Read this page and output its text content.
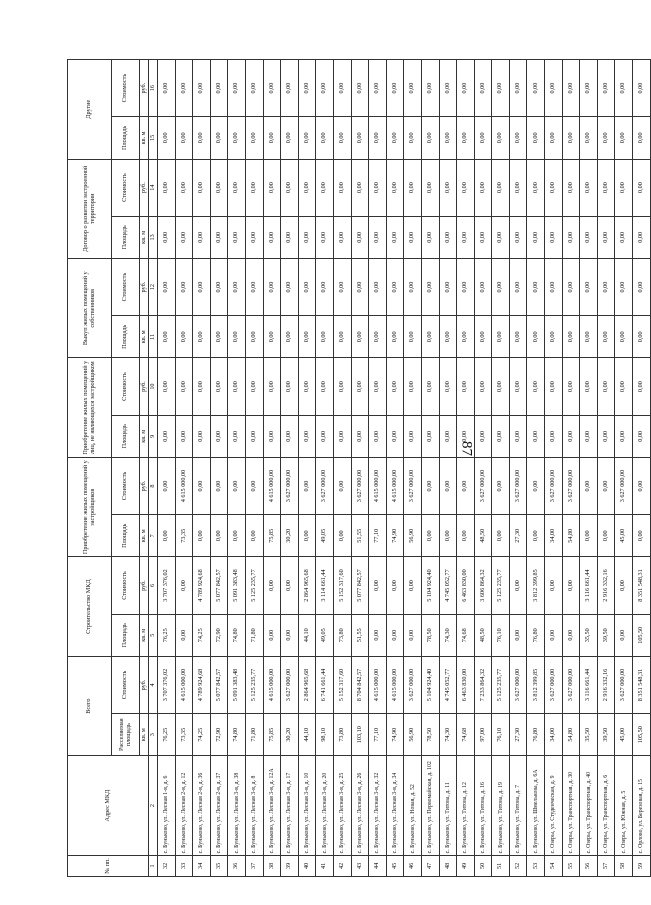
87
№ пп.	Адрес МКД	Всего		Строительство МКД		Приобретение жилых помещений у застройщиков		Приобретение жилых помещений у лиц, не являющихся застройщиком		Выкуп жилых помещений у собственников		Договор о развитии застроенной территории		Другие	
		Расселяемая площадь	Стоимость	Площадь	Стоимость	Площадь	Стоимость	Площадь	Стоимость	Площадь	Стоимость	Площадь	Стоимость	Площадь	Стоимость
		кв. м	руб.	кв. м	руб.	кв. м	руб.	кв. м	руб.	кв. м	руб.	кв. м	руб.	кв. м	руб.
1	2	3	4	5	6	7	8	9	10	11	12	13	14	15	16
32	с. Буньково, ул. Лесная 1-я, д. 6	76,25	3 707 376,02	76,25	3 707 376,02	0,00	0,00	0,00	0,00	0,00	0,00	0,00	0,00	0,00	0,00
33	с. Буньково, ул. Лесная 2-я, д. 12	73,35	4 615 000,00	0,00	0,00	73,35	4 615 000,00	0,00	0,00	0,00	0,00	0,00	0,00	0,00	0,00
34	с. Буньково, ул. Лесная 2-я, д. 36	74,25	4 789 924,68	74,25	4 789 924,68	0,00	0,00	0,00	0,00	0,00	0,00	0,00	0,00	0,00	0,00
35	с. Буньково, ул. Лесная 2-я, д. 37	72,90	5 077 842,57	72,90	5 077 842,57	0,00	0,00	0,00	0,00	0,00	0,00	0,00	0,00	0,00	0,00
36	с. Буньково, ул. Лесная 3-я, д. 38	74,80	5 091 383,48	74,80	5 091 383,48	0,00	0,00	0,00	0,00	0,00	0,00	0,00	0,00	0,00	0,00
37	с. Буньково, ул. Лесная 3-я, д. 8	71,80	5 125 235,77	71,80	5 125 235,77	0,00	0,00	0,00	0,00	0,00	0,00	0,00	0,00	0,00	0,00
38	с. Буньково, ул. Лесная 3-я, д. 12А	75,85	4 615 000,00	0,00	0,00	75,85	4 615 000,00	0,00	0,00	0,00	0,00	0,00	0,00	0,00	0,00
39	с. Буньково, ул. Лесная 3-я, д. 17	30,20	3 627 000,00	0,00	0,00	30,20	3 627 000,00	0,00	0,00	0,00	0,00	0,00	0,00	0,00	0,00
40	с. Буньково, ул. Лесная 3-я, д. 10	44,10	2 864 965,68	44,10	2 864 965,68	0,00	0,00	0,00	0,00	0,00	0,00	0,00	0,00	0,00	0,00
41	с. Буньково, ул. Лесная 3-я, д. 20	98,10	6 741 661,44	49,05	3 114 661,44	49,05	3 627 000,00	0,00	0,00	0,00	0,00	0,00	0,00	0,00	0,00
42	с. Буньково, ул. Лесная 3-я, д. 25	73,80	5 152 317,60	73,80	5 152 317,60	0,00	0,00	0,00	0,00	0,00	0,00	0,00	0,00	0,00	0,00
43	с. Буньково, ул. Лесная 3-я, д. 26	103,10	8 704 842,57	51,55	5 077 842,57	51,55	3 627 000,00	0,00	0,00	0,00	0,00	0,00	0,00	0,00	0,00
44	с. Буньково, ул. Лесная 3-я, д. 32	77,10	4 615 000,00	0,00	0,00	77,10	4 615 000,00	0,00	0,00	0,00	0,00	0,00	0,00	0,00	0,00
45	с. Буньково, ул. Лесная 3-я, д. 34	74,90	4 615 000,00	0,00	0,00	74,90	4 615 000,00	0,00	0,00	0,00	0,00	0,00	0,00	0,00	0,00
46	с. Буньково, ул. Новая, д. 52	56,90	3 627 000,00	0,00	0,00	56,90	3 627 000,00	0,00	0,00	0,00	0,00	0,00	0,00	0,00	0,00
47	с. Буньково, ул. Первомайская, д. 102	78,50	5 104 924,40	78,50	5 104 924,40	0,00	0,00	0,00	0,00	0,00	0,00	0,00	0,00	0,00	0,00
48	с. Буньково, ул. Титова, д. 11	74,30	4 745 052,77	74,30	4 745 052,77	0,00	0,00	0,00	0,00	0,00	0,00	0,00	0,00	0,00	0,00
49	с. Буньково, ул. Титова, д. 12	74,68	6 463 830,00	74,68	6 463 830,00	0,00	0,00	0,00	0,00	0,00	0,00	0,00	0,00	0,00	0,00
50	с. Буньково, ул. Титова, д. 16	97,00	7 233 864,32	48,50	3 606 864,32	48,50	3 627 000,00	0,00	0,00	0,00	0,00	0,00	0,00	0,00	0,00
51	с. Буньково, ул. Титова, д. 19	76,10	5 125 235,77	76,10	5 125 235,77	0,00	0,00	0,00	0,00	0,00	0,00	0,00	0,00	0,00	0,00
52	с. Буньково, ул. Титова, д. 7	27,30	3 627 000,00	0,00	0,00	27,30	3 627 000,00	0,00	0,00	0,00	0,00	0,00	0,00	0,00	0,00
53	с. Буньково, ул. Шмелькова, д. 6А	76,80	3 812 399,85	76,80	3 812 399,85	0,00	0,00	0,00	0,00	0,00	0,00	0,00	0,00	0,00	0,00
54	с. Озеры, ул. Студенческая, д. 9	34,00	3 627 000,00	0,00	0,00	34,00	3 627 000,00	0,00	0,00	0,00	0,00	0,00	0,00	0,00	0,00
55	с. Озеры, ул. Транспортная, д. 30	54,80	3 627 000,00	0,00	0,00	54,80	3 627 000,00	0,00	0,00	0,00	0,00	0,00	0,00	0,00	0,00
56	с. Озеры, ул. Транспортная, д. 40	35,50	3 116 661,44	35,50	3 116 661,44	0,00	0,00	0,00	0,00	0,00	0,00	0,00	0,00	0,00	0,00
57	с. Озеры, ул. Транспортная, д. 6	39,50	2 916 332,16	39,50	2 916 332,16	0,00	0,00	0,00	0,00	0,00	0,00	0,00	0,00	0,00	0,00
58	с. Озеры, ул. Южная, д. 5	45,00	3 627 000,00	0,00	0,00	45,00	3 627 000,00	0,00	0,00	0,00	0,00	0,00	0,00	0,00	0,00
59	с. Орлово, ул. Березовая, д. 15	105,50	8 351 548,31	105,50	8 351 548,31	0,00	0,00	0,00	0,00	0,00	0,00	0,00	0,00	0,00	0,00
